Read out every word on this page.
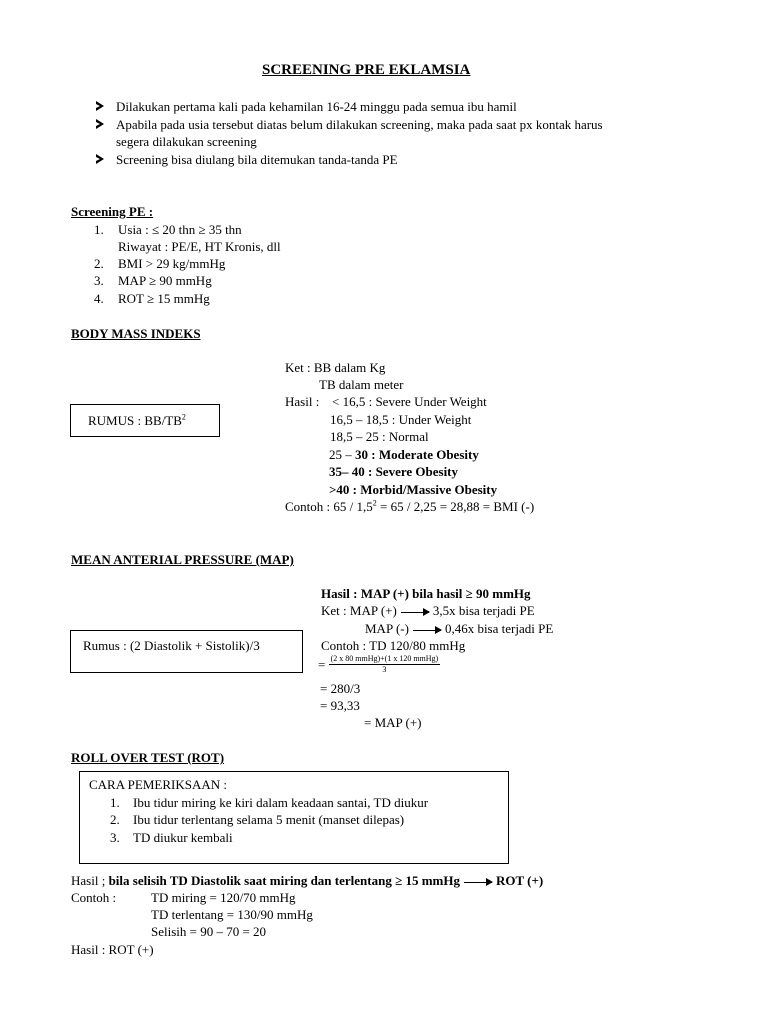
SCREENING PRE EKLAMSIA
Dilakukan pertama kali pada kehamilan 16-24 minggu pada semua ibu hamil
Apabila pada usia tersebut diatas belum dilakukan screening, maka pada saat px kontak harus
segera dilakukan screening
Screening bisa diulang bila ditemukan tanda-tanda PE
Screening PE :
1. Usia : ≤ 20 thn ≥ 35 thn
Riwayat : PE/E, HT Kronis, dll
2. BMI > 29 kg/mmHg
3. MAP ≥ 90 mmHg
4. ROT ≥ 15 mmHg
BODY MASS INDEKS
RUMUS : $BB/TB^2$
Ket : BB dalam Kg
TB dalam meter
Hasil : < 16,5 : Severe Under Weight
16,5 – 18,5 : Under Weight
18,5 – 25 : Normal
25 – 30 : Moderate Obesity
35– 40 : Severe Obesity
>40 : Morbid/Massive Obesity
Contoh : $65 / 1,5^2 = 65 / 2,25 = 28,88$ = BMI (-)
MEAN ANTERIAL PRESSURE (MAP)
Hasil : MAP (+) bila hasil ≥ 90 mmHg
Ket : MAP (+)	3,5x bisa terjadi PE
MAP (-)	0,46x bisa terjadi PE
Rumus : (2 Diastolik + Sistolik)/3	Contoh : TD 120/80 mmHg
= $\frac{\text{(2 x 80 mmHg)+(1 x 120 mmHg)}}{3}$
= 280/3
= 93,33
= MAP (+)
ROLL OVER TEST (ROT)
CARA PEMERIKSAAN :
1. Ibu tidur miring ke kiri dalam keadaan santai, TD diukur
2. Ibu tidur terlentang selama 5 menit (manset dilepas)
3. TD diukur kembali
Hasil ; bila selisih TD Diastolik saat miring dan terlentang ≥ 15 mmHg	ROT (+)
Contoh :	TD miring = 120/70 mmHg
TD terlentang = 130/90 mmHg
Selisih = 90 – 70 = 20
Hasil : ROT (+)
